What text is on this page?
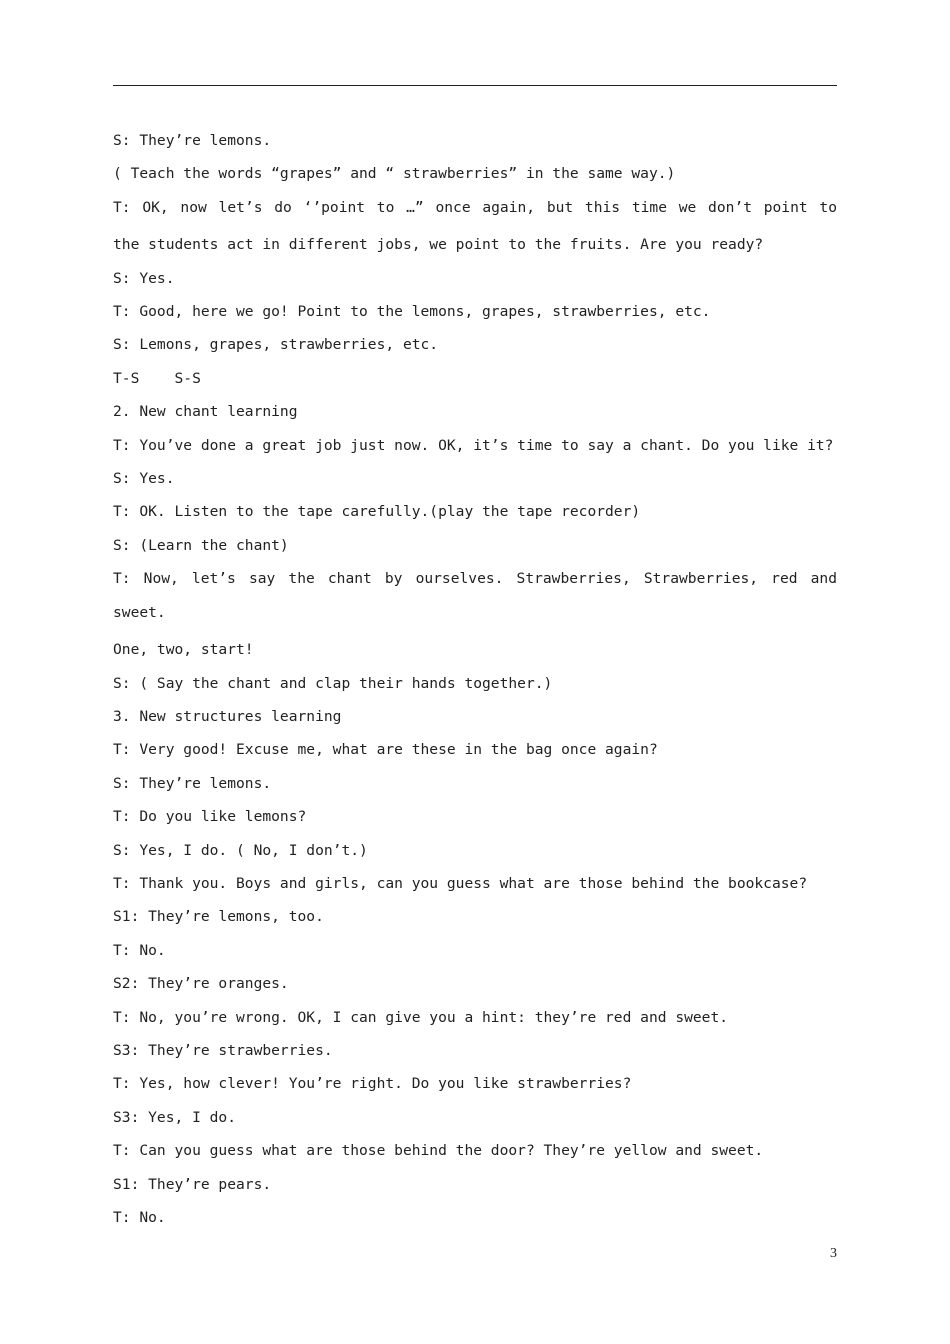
S: They’re lemons.
( Teach the words “grapes” and “ strawberries” in the same way.)
T: OK, now let’s do ‘’point to …” once again, but this time we don’t point to
the students act in different jobs, we point to the fruits. Are you ready?
S: Yes.
T: Good, here we go! Point to the lemons, grapes, strawberries, etc.
S: Lemons, grapes, strawberries, etc.
T-S    S-S
2. New chant learning
T: You’ve done a great job just now. OK, it’s time to say a chant. Do you like it?
S: Yes.
T: OK. Listen to the tape carefully.(play the tape recorder)
S: (Learn the chant)
T: Now, let’s say the chant by ourselves. Strawberries, Strawberries, red and sweet.
One, two, start!
S: ( Say the chant and clap their hands together.)
3. New structures learning
T: Very good! Excuse me, what are these in the bag once again?
S: They’re lemons.
T: Do you like lemons?
S: Yes, I do. ( No, I don’t.)
T: Thank you. Boys and girls, can you guess what are those behind the bookcase?
S1: They’re lemons, too.
T: No.
S2: They’re oranges.
T: No, you’re wrong. OK, I can give you a hint: they’re red and sweet.
S3: They’re strawberries.
T: Yes, how clever! You’re right. Do you like strawberries?
S3: Yes, I do.
T: Can you guess what are those behind the door? They’re yellow and sweet.
S1: They’re pears.
T: No.
3
